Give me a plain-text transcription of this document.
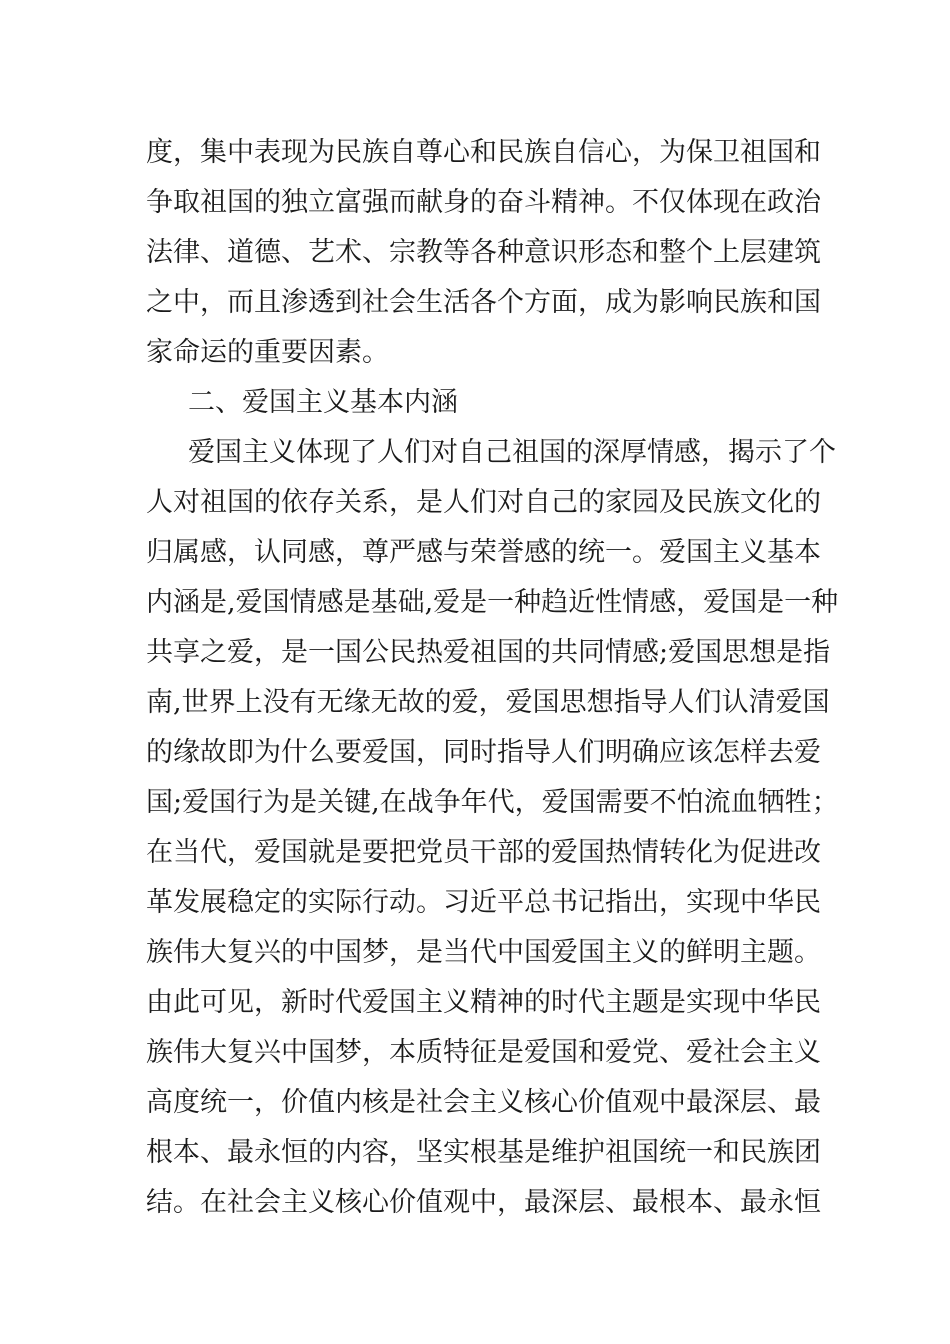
度，集中表现为民族自尊心和民族自信心，为保卫祖国和
争取祖国的独立富强而献身的奋斗精神。不仅体现在政治
法律、道德、艺术、宗教等各种意识形态和整个上层建筑
之中，而且渗透到社会生活各个方面，成为影响民族和国
家命运的重要因素。
二、爱国主义基本内涵
爱国主义体现了人们对自己祖国的深厚情感，揭示了个
人对祖国的依存关系，是人们对自己的家园及民族文化的
归属感，认同感，尊严感与荣誉感的统一。爱国主义基本
内涵是,爱国情感是基础,爱是一种趋近性情感，爱国是一种
共享之爱，是一国公民热爱祖国的共同情感;爱国思想是指
南,世界上没有无缘无故的爱，爱国思想指导人们认清爱国
的缘故即为什么要爱国，同时指导人们明确应该怎样去爱
国;爱国行为是关键,在战争年代，爱国需要不怕流血牺牲；
在当代，爱国就是要把党员干部的爱国热情转化为促进改
革发展稳定的实际行动。习近平总书记指出，实现中华民
族伟大复兴的中国梦，是当代中国爱国主义的鲜明主题。
由此可见，新时代爱国主义精神的时代主题是实现中华民
族伟大复兴中国梦，本质特征是爱国和爱党、爱社会主义
高度统一，价值内核是社会主义核心价值观中最深层、最
根本、最永恒的内容，坚实根基是维护祖国统一和民族团
结。在社会主义核心价值观中，最深层、最根本、最永恒
